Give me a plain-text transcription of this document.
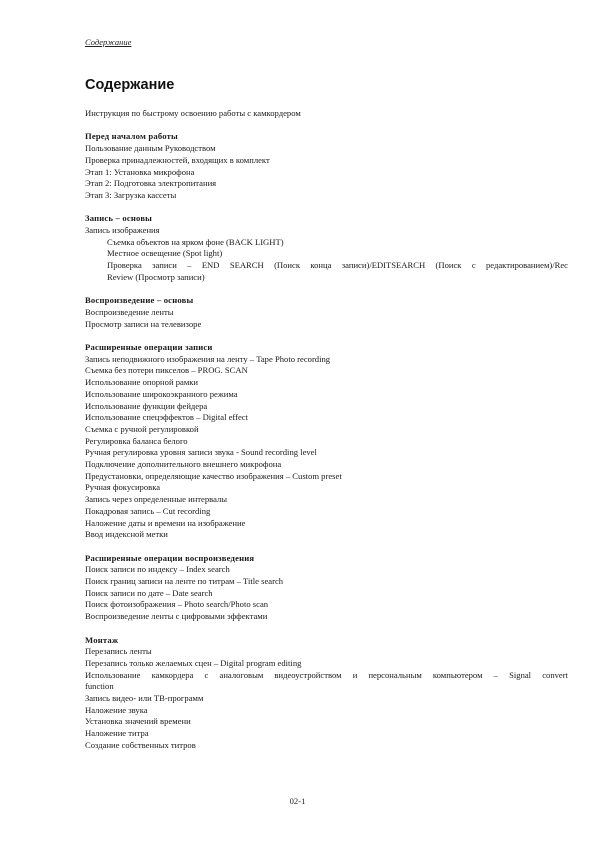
Содержание
Содержание
Инструкция по быстрому освоению работы с камкордером
Перед началом работы
Пользование данным Руководством
Проверка принадлежностей, входящих в комплект
Этап 1: Установка микрофона
Этап 2: Подготовка электропитания
Этап 3: Загрузка кассеты
Запись – основы
Запись изображения
Съемка объектов на ярком фоне (BACK LIGHT)
Местное освещение (Spot light)
Проверка записи – END SEARCH (Поиск конца записи)/EDITSEARCH (Поиск с редактированием)/Rec
Review (Просмотр записи)
Воспроизведение – основы
Воспроизведение ленты
Просмотр записи на телевизоре
Расширенные операции записи
Запись неподвижного изображения на ленту – Tape Photo recording
Съемка без потери пикселов – PROG. SCAN
Использование опорной рамки
Использование широкоэкранного режима
Использование функции фейдера
Использование спецэффектов – Digital effect
Съемка с ручной регулировкой
Регулировка баланса белого
Ручная регулировка уровня записи звука - Sound recording level
Подключение дополнительного внешнего микрофона
Предустановки, определяющие качество изображения – Custom preset
Ручная фокусировка
Запись через определенные интервалы
Покадровая запись – Cut recording
Наложение даты и времени на изображение
Ввод индексной метки
Расширенные операции воспроизведения
Поиск записи по индексу – Index search
Поиск границ записи на ленте по титрам – Title search
Поиск записи по дате – Date search
Поиск фотоизображения – Photo search/Photo scan
Воспроизведение ленты с цифровыми эффектами
Монтаж
Перезапись ленты
Перезапись только желаемых сцен – Digital program editing
Использование камкордера с аналоговым видеоустройством и персональным компьютером – Signal convert
function
Запись видео- или ТВ-программ
Наложение звука
Установка значений времени
Наложение титра
Создание собственных титров
02-1
